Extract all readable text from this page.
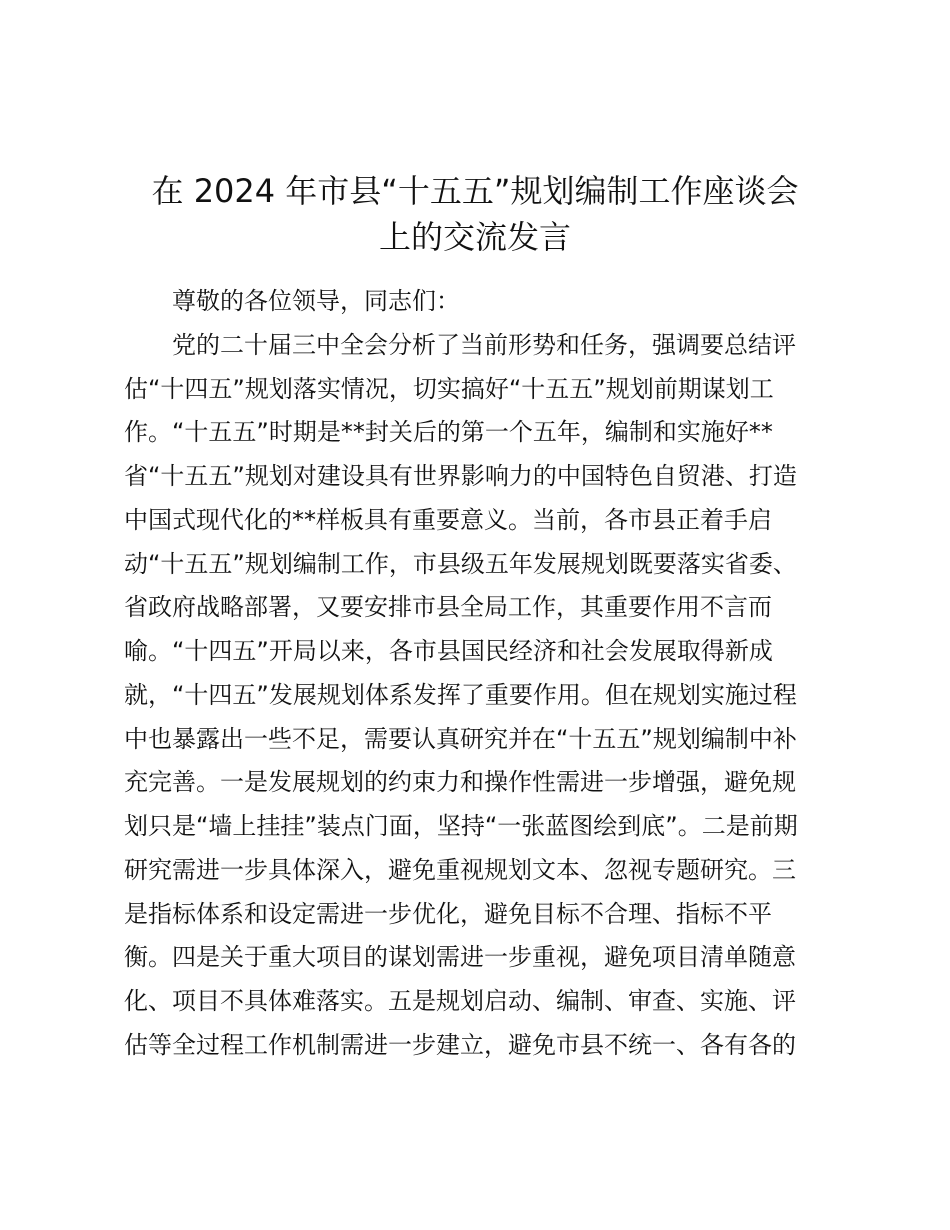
在 2024 年市县“十五五”规划编制工作座谈会
上的交流发言
尊敬的各位领导，同志们：
党的二十届三中全会分析了当前形势和任务，强调要总结评
估“十四五”规划落实情况，切实搞好“十五五”规划前期谋划工
作。“十五五”时期是**封关后的第一个五年，编制和实施好**
省“十五五”规划对建设具有世界影响力的中国特色自贸港、打造
中国式现代化的**样板具有重要意义。当前，各市县正着手启
动“十五五”规划编制工作，市县级五年发展规划既要落实省委、
省政府战略部署，又要安排市县全局工作，其重要作用不言而
喻。“十四五”开局以来，各市县国民经济和社会发展取得新成
就，“十四五”发展规划体系发挥了重要作用。但在规划实施过程
中也暴露出一些不足，需要认真研究并在“十五五”规划编制中补
充完善。一是发展规划的约束力和操作性需进一步增强，避免规
划只是“墙上挂挂”装点门面，坚持“一张蓝图绘到底”。二是前期
研究需进一步具体深入，避免重视规划文本、忽视专题研究。三
是指标体系和设定需进一步优化，避免目标不合理、指标不平
衡。四是关于重大项目的谋划需进一步重视，避免项目清单随意
化、项目不具体难落实。五是规划启动、编制、审查、实施、评
估等全过程工作机制需进一步建立，避免市县不统一、各有各的
